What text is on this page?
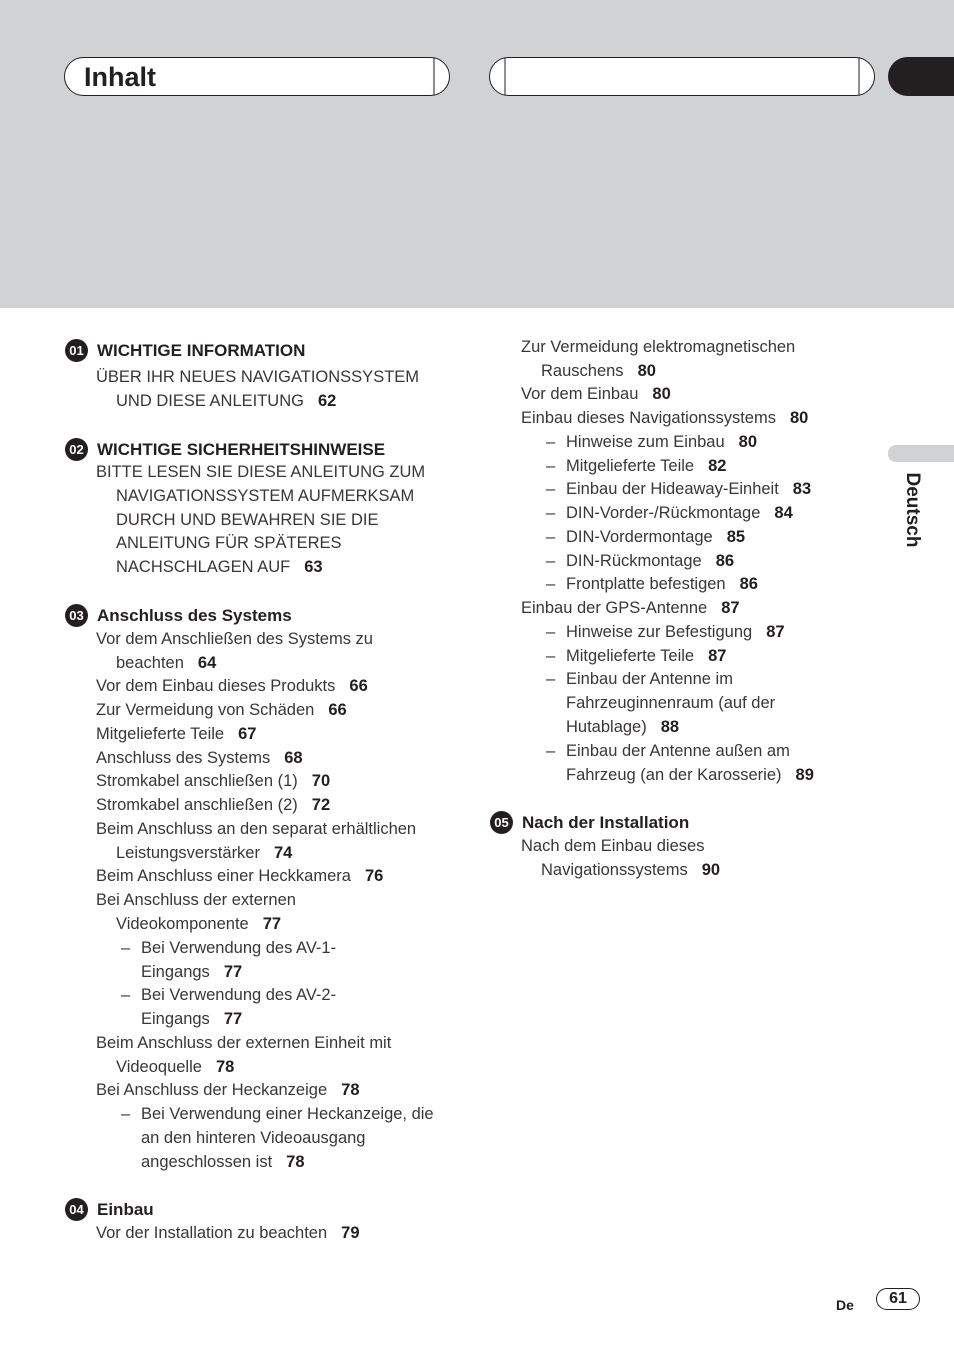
Inhalt
01 WICHTIGE INFORMATION
ÜBER IHR NEUES NAVIGATIONSSYSTEM
UND DIESE ANLEITUNG 62
02 WICHTIGE SICHERHEITSHINWEISE
BITTE LESEN SIE DIESE ANLEITUNG ZUM
NAVIGATIONSSYSTEM AUFMERKSAM
DURCH UND BEWAHREN SIE DIE
ANLEITUNG FÜR SPÄTERES
NACHSCHLAGEN AUF 63
03 Anschluss des Systems
Vor dem Anschließen des Systems zu
beachten 64
Vor dem Einbau dieses Produkts 66
Zur Vermeidung von Schäden 66
Mitgelieferte Teile 67
Anschluss des Systems 68
Stromkabel anschließen (1) 70
Stromkabel anschließen (2) 72
Beim Anschluss an den separat erhältlichen
Leistungsverstärker 74
Beim Anschluss einer Heckkamera 76
Bei Anschluss der externen
Videokomponente 77
– Bei Verwendung des AV-1-
Eingangs 77
– Bei Verwendung des AV-2-
Eingangs 77
Beim Anschluss der externen Einheit mit
Videoquelle 78
Bei Anschluss der Heckanzeige 78
– Bei Verwendung einer Heckanzeige, die
an den hinteren Videoausgang
angeschlossen ist 78
04 Einbau
Vor der Installation zu beachten 79
Zur Vermeidung elektromagnetischen
Rauschens 80
Vor dem Einbau 80
Einbau dieses Navigationssystems 80
– Hinweise zum Einbau 80
– Mitgelieferte Teile 82
– Einbau der Hideaway-Einheit 83
– DIN-Vorder-/Rückmontage 84
– DIN-Vordermontage 85
– DIN-Rückmontage 86
– Frontplatte befestigen 86
Einbau der GPS-Antenne 87
– Hinweise zur Befestigung 87
– Mitgelieferte Teile 87
– Einbau der Antenne im
Fahrzeuginnenraum (auf der
Hutablage) 88
– Einbau der Antenne außen am
Fahrzeug (an der Karosserie) 89
05 Nach der Installation
Nach dem Einbau dieses
Navigationssystems 90
Deutsch
De	61
